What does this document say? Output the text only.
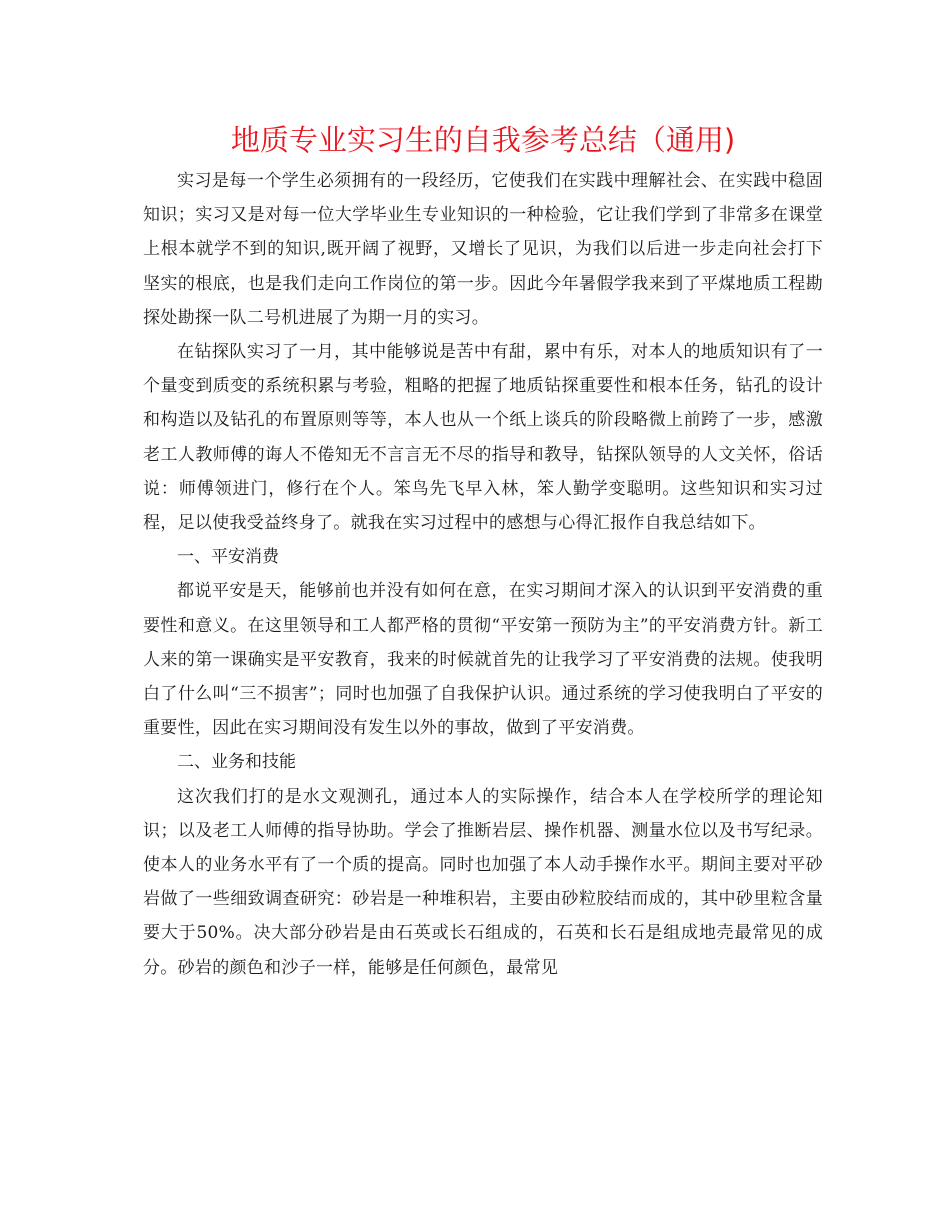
地质专业实习生的自我参考总结（通用)

实习是每一个学生必须拥有的一段经历，它使我们在实践中理解社会、在实践中稳固知识；实习又是对每一位大学毕业生专业知识的一种检验，它让我们学到了非常多在课堂上根本就学不到的知识,既开阔了视野，又增长了见识，为我们以后进一步走向社会打下坚实的根底，也是我们走向工作岗位的第一步。因此今年暑假学我来到了平煤地质工程勘探处勘探一队二号机进展了为期一月的实习。

在钻探队实习了一月，其中能够说是苦中有甜，累中有乐，对本人的地质知识有了一个量变到质变的系统积累与考验，粗略的把握了地质钻探重要性和根本任务，钻孔的设计和构造以及钻孔的布置原则等等，本人也从一个纸上谈兵的阶段略微上前跨了一步，感激老工人教师傅的诲人不倦知无不言言无不尽的指导和教导，钻探队领导的人文关怀，俗话说：师傅领进门，修行在个人。笨鸟先飞早入林，笨人勤学变聪明。这些知识和实习过程，足以使我受益终身了。就我在实习过程中的感想与心得汇报作自我总结如下。

一、平安消费

都说平安是天，能够前也并没有如何在意，在实习期间才深入的认识到平安消费的重要性和意义。在这里领导和工人都严格的贯彻“平安第一预防为主”的平安消费方针。新工人来的第一课确实是平安教育，我来的时候就首先的让我学习了平安消费的法规。使我明白了什么叫“三不损害”；同时也加强了自我保护认识。通过系统的学习使我明白了平安的重要性，因此在实习期间没有发生以外的事故，做到了平安消费。

二、业务和技能

这次我们打的是水文观测孔，通过本人的实际操作，结合本人在学校所学的理论知识；以及老工人师傅的指导协助。学会了推断岩层、操作机器、测量水位以及书写纪录。使本人的业务水平有了一个质的提高。同时也加强了本人动手操作水平。期间主要对平砂岩做了一些细致调查研究：砂岩是一种堆积岩，主要由砂粒胶结而成的，其中砂里粒含量要大于50%。决大部分砂岩是由石英或长石组成的，石英和长石是组成地壳最常见的成分。砂岩的颜色和沙子一样，能够是任何颜色，最常见
